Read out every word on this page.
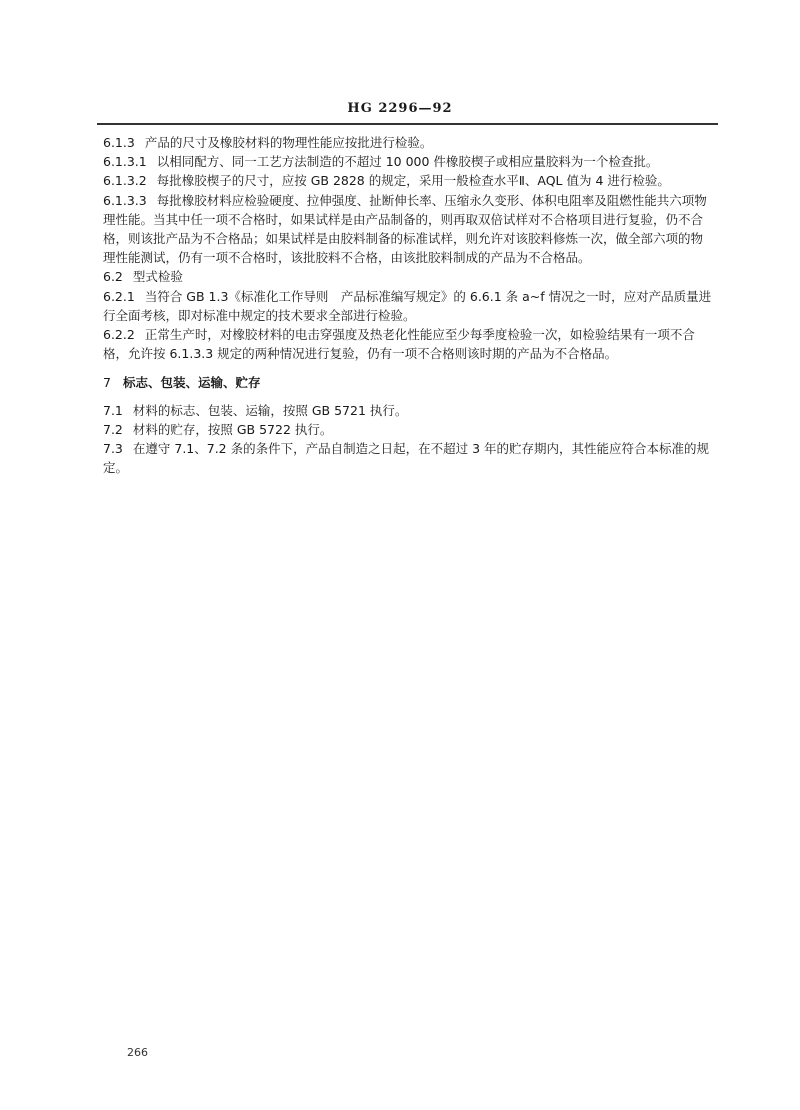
HG 2296—92

6.1.3 产品的尺寸及橡胶材料的物理性能应按批进行检验。

6.1.3.1 以相同配方、同一工艺方法制造的不超过 10 000 件橡胶楔子或相应量胶料为一个检查批。

6.1.3.2 每批橡胶楔子的尺寸，应按 GB 2828 的规定，采用一般检查水平Ⅱ、AQL 值为 4 进行检验。

6.1.3.3 每批橡胶材料应检验硬度、拉伸强度、扯断伸长率、压缩永久变形、体积电阻率及阻燃性能共六项物理性能。当其中任一项不合格时，如果试样是由产品制备的，则再取双倍试样对不合格项目进行复验，仍不合格，则该批产品为不合格品；如果试样是由胶料制备的标准试样，则允许对该胶料修炼一次，做全部六项的物理性能测试，仍有一项不合格时，该批胶料不合格，由该批胶料制成的产品为不合格品。

6.2 型式检验

6.2.1 当符合 GB 1.3《标准化工作导则　产品标准编写规定》的 6.6.1 条 a~f 情况之一时，应对产品质量进行全面考核，即对标准中规定的技术要求全部进行检验。

6.2.2 正常生产时，对橡胶材料的电击穿强度及热老化性能应至少每季度检验一次，如检验结果有一项不合格，允许按 6.1.3.3 规定的两种情况进行复验，仍有一项不合格则该时期的产品为不合格品。

7 标志、包装、运输、贮存

7.1 材料的标志、包装、运输，按照 GB 5721 执行。

7.2 材料的贮存，按照 GB 5722 执行。

7.3 在遵守 7.1、7.2 条的条件下，产品自制造之日起，在不超过 3 年的贮存期内，其性能应符合本标准的规定。

266
